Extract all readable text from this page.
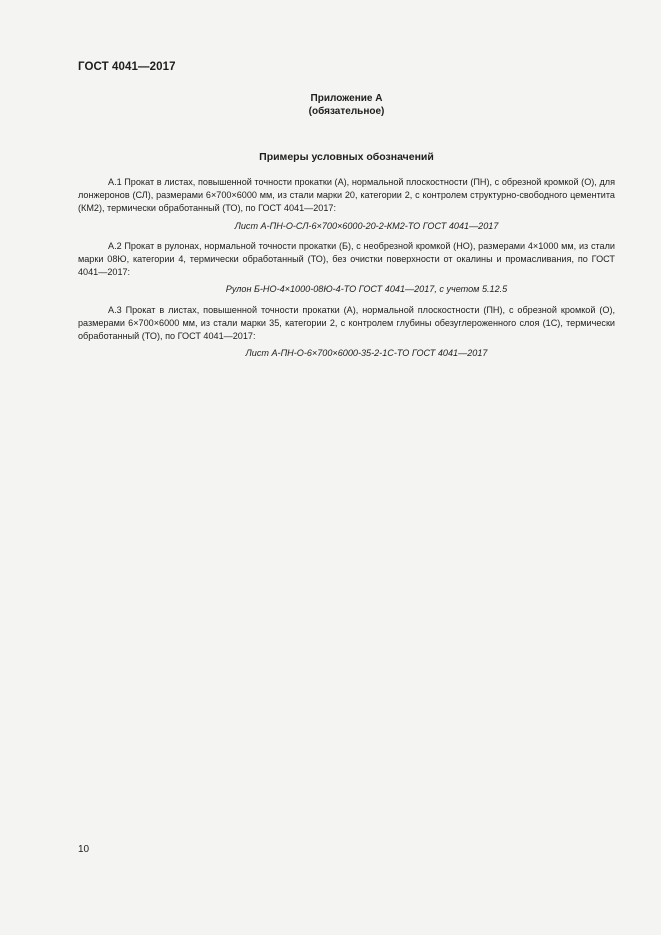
ГОСТ 4041—2017
Приложение А
(обязательное)
Примеры условных обозначений

А.1 Прокат в листах, повышенной точности прокатки (А), нормальной плоскостности (ПН), с обрезной кромкой (О), для лонжеронов (СЛ), размерами 6×700×6000 мм, из стали марки 20, категории 2, с контролем структурно-свободного цементита (КМ2), термически обработанный (ТО), по ГОСТ 4041—2017:

Лист А-ПН-О-СЛ-6×700×6000-20-2-КМ2-ТО ГОСТ 4041—2017

А.2 Прокат в рулонах, нормальной точности прокатки (Б), с необрезной кромкой (НО), размерами 4×1000 мм, из стали марки 08Ю, категории 4, термически обработанный (ТО), без очистки поверхности от окалины и промасливания, по ГОСТ 4041—2017:

Рулон Б-НО-4×1000-08Ю-4-ТО ГОСТ 4041—2017, с учетом 5.12.5

А.3 Прокат в листах, повышенной точности прокатки (А), нормальной плоскостности (ПН), с обрезной кромкой (О), размерами 6×700×6000 мм, из стали марки 35, категории 2, с контролем глубины обезуглероженного слоя (1С), термически обработанный (ТО), по ГОСТ 4041—2017:

Лист А-ПН-О-6×700×6000-35-2-1С-ТО ГОСТ 4041—2017
10
